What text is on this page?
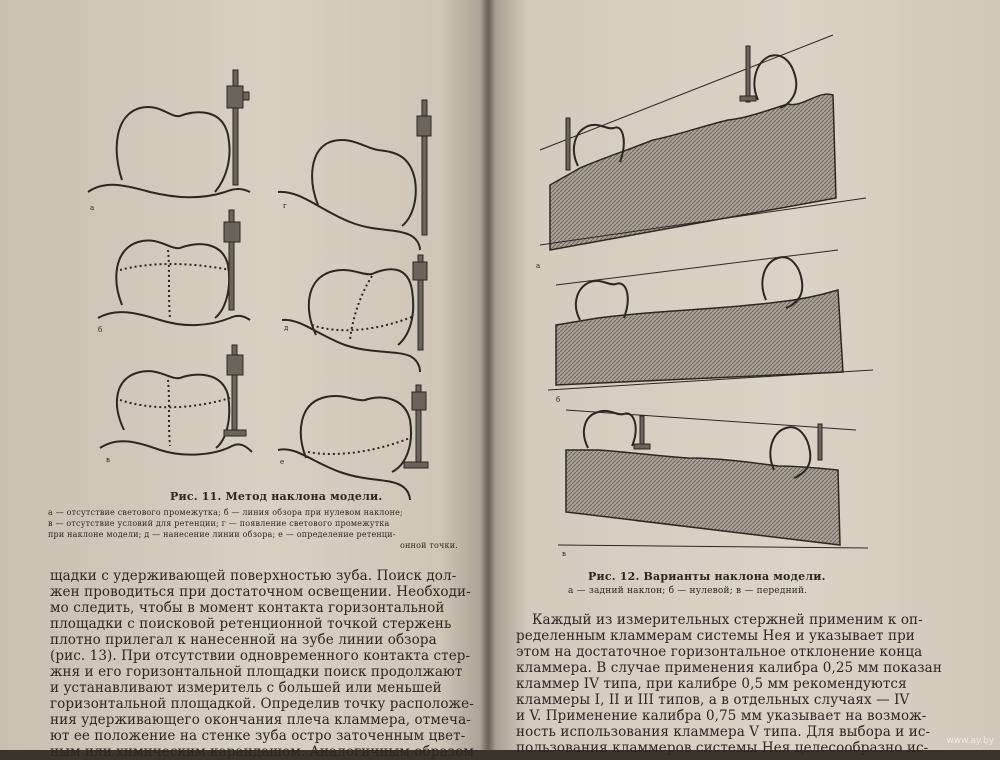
а
б
в
г
д
е
Рис. 11. Метод наклона модели.
а — отсутствие светового промежутка; б — линия обзора при нулевом наклоне;
в — отсутствие условий для ретенции; г — появление светового промежутка
при наклоне модели; д — нанесение линии обзора; е — определение ретенци-
онной точки.
щадки с удерживающей поверхностью зуба. Поиск дол-
жен проводиться при достаточном освещении. Необходи-
мо следить, чтобы в момент контакта горизонтальной
площадки с поисковой ретенционной точкой стержень
плотно прилегал к нанесенной на зубе линии обзора
(рис. 13). При отсутствии одновременного контакта стер-
жня и его горизонтальной площадки поиск продолжают
и устанавливают измеритель с большей или меньшей
горизонтальной площадкой. Определив точку расположе-
ния удерживающего окончания плеча кламмера, отмеча-
ют ее положение на стенке зуба остро заточенным цвет-
ным или химическим карандашом. Аналогичным образом
а
б
в
Рис. 12. Варианты наклона модели.
а — задний наклон; б — нулевой; в — передний.
Каждый из измерительных стержней применим к оп-
ределенным кламмерам системы Нея и указывает при
этом на достаточное горизонтальное отклонение конца
кламмера. В случае применения калибра 0,25 мм показан
кламмер IV типа, при калибре 0,5 мм рекомендуются
кламмеры I, II и III типов, а в отдельных случаях — IV
и V. Применение калибра 0,75 мм указывает на возмож-
ность использования кламмера V типа. Для выбора и ис-
пользования кламмеров системы Нея целесообразно ис- www.ay.by
